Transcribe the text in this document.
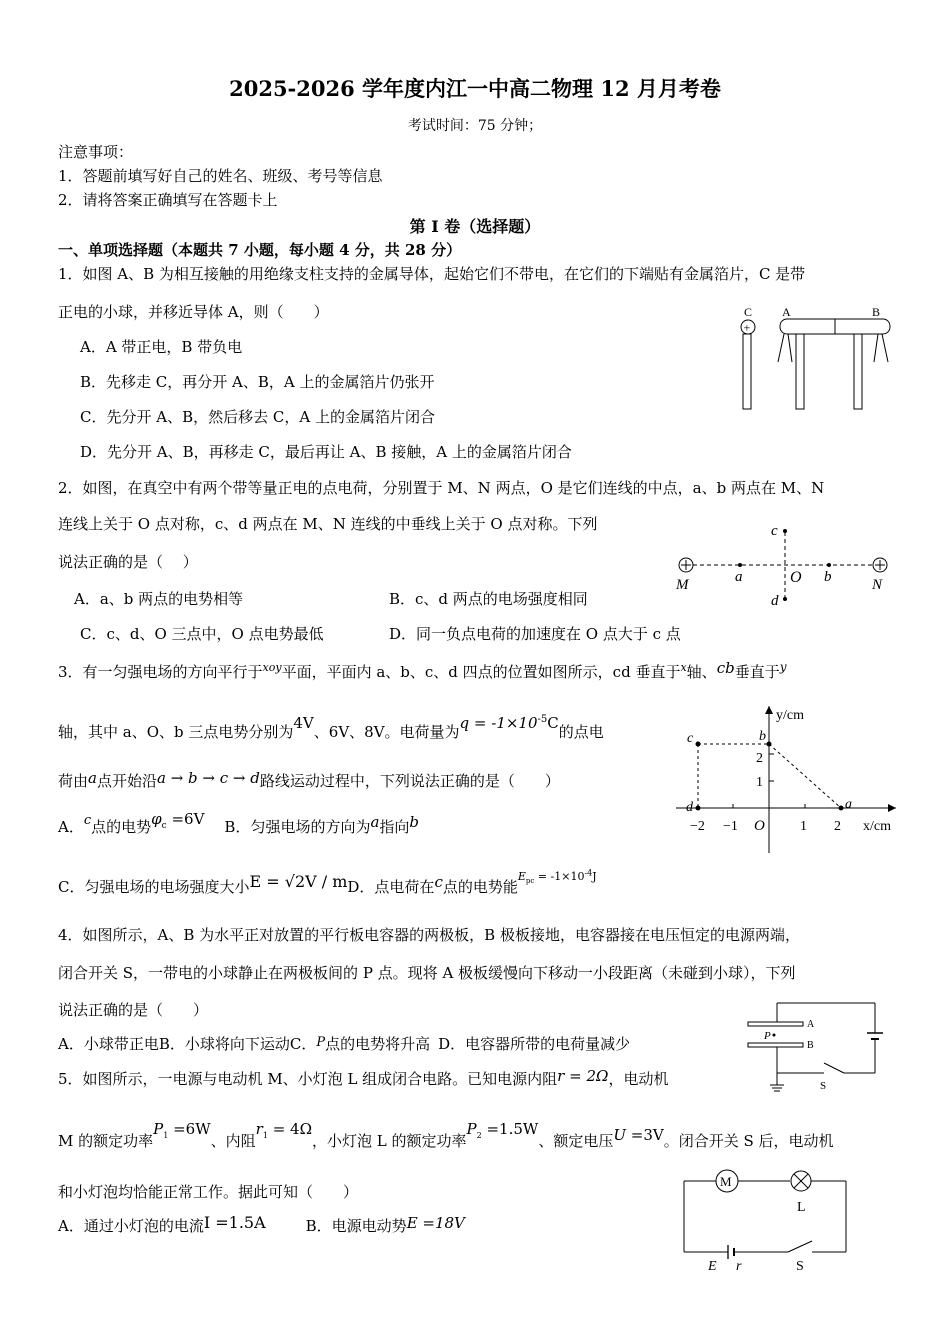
2025-2026 学年度内江一中高二物理 12 月月考卷
考试时间：75 分钟；
注意事项：
1．答题前填写好自己的姓名、班级、考号等信息
2．请将答案正确填写在答题卡上
第 I 卷（选择题）
一、单项选择题（本题共 7 小题，每小题 4 分，共 28 分）
1．如图 A、B 为相互接触的用绝缘支柱支持的金属导体，起始它们不带电，在它们的下端贴有金属箔片，C 是带
正电的小球，并移近导体 A，则（　　）
A．A 带正电，B 带负电
B．先移走 C，再分开 A、B，A 上的金属箔片仍张开
C．先分开 A、B，然后移去 C，A 上的金属箔片闭合
D．先分开 A、B，再移走 C，最后再让 A、B 接触，A 上的金属箔片闭合
C
+
A	B
2．如图，在真空中有两个带等量正电的点电荷，分别置于 M、N 两点，O 是它们连线的中点，a、b 两点在 M、N
连线上关于 O 点对称，c、d 两点在 M、N 连线的中垂线上关于 O 点对称。下列
说法正确的是（　 ）
A．a、b 两点的电势相等	B．c、d 两点的电场强度相同
C．c、d、O 三点中，O 点电势最低	D．同一负点电荷的加速度在 O 点大于 c 点
M	N
O
a	b
c
d
3．有一匀强电场的方向平行于$^{xoy}$平面，平面内 a、b、c、d 四点的位置如图所示，cd 垂直于$^x$轴、cb垂直于$^y$
轴，其中 a、O、b 三点电势分别为4V、6V、8V。电荷量为$q = -1\times 10^{-5}C$的点电
荷由a点开始沿a → b → c → d路线运动过程中，下列说法正确的是（　　）
A．c点的电势$\varphi_c =6V$ B．匀强电场的方向为a指向b
C．匀强电场的电场强度大小E = √2V / mD．点电荷在c点的电势能$^{E_{pc} = -1\times 10^{-4}J}$
y/cm
x/cm
O
−2 −1	1 2
2
1
c	b
d	a
4．如图所示，A、B 为水平正对放置的平行板电容器的两极板，B 极板接地，电容器接在电压恒定的电源两端，
闭合开关 S，一带电的小球静止在两极板间的 P 点。现将 A 极板缓慢向下移动一小段距离（未碰到小球），下列
说法正确的是（　　）
A．小球带正电B．小球将向下运动C．P点的电势将升高 D．电容器所带的电荷量减少
A
B
P
S
5．如图所示，一电源与电动机 M、小灯泡 L 组成闭合电路。已知电源内阻r = 2Ω，电动机
M 的额定功率$P_1 =6W$、内阻$r_1 = 4\Omega$，小灯泡 L 的额定功率$P_2 =1.5W$、额定电压U =3V。闭合开关 S 后，电动机
和小灯泡均恰能正常工作。据此可知（　　）
A．通过小灯泡的电流I =1.5A	B．电源电动势E =18V
M
L
E r	S
